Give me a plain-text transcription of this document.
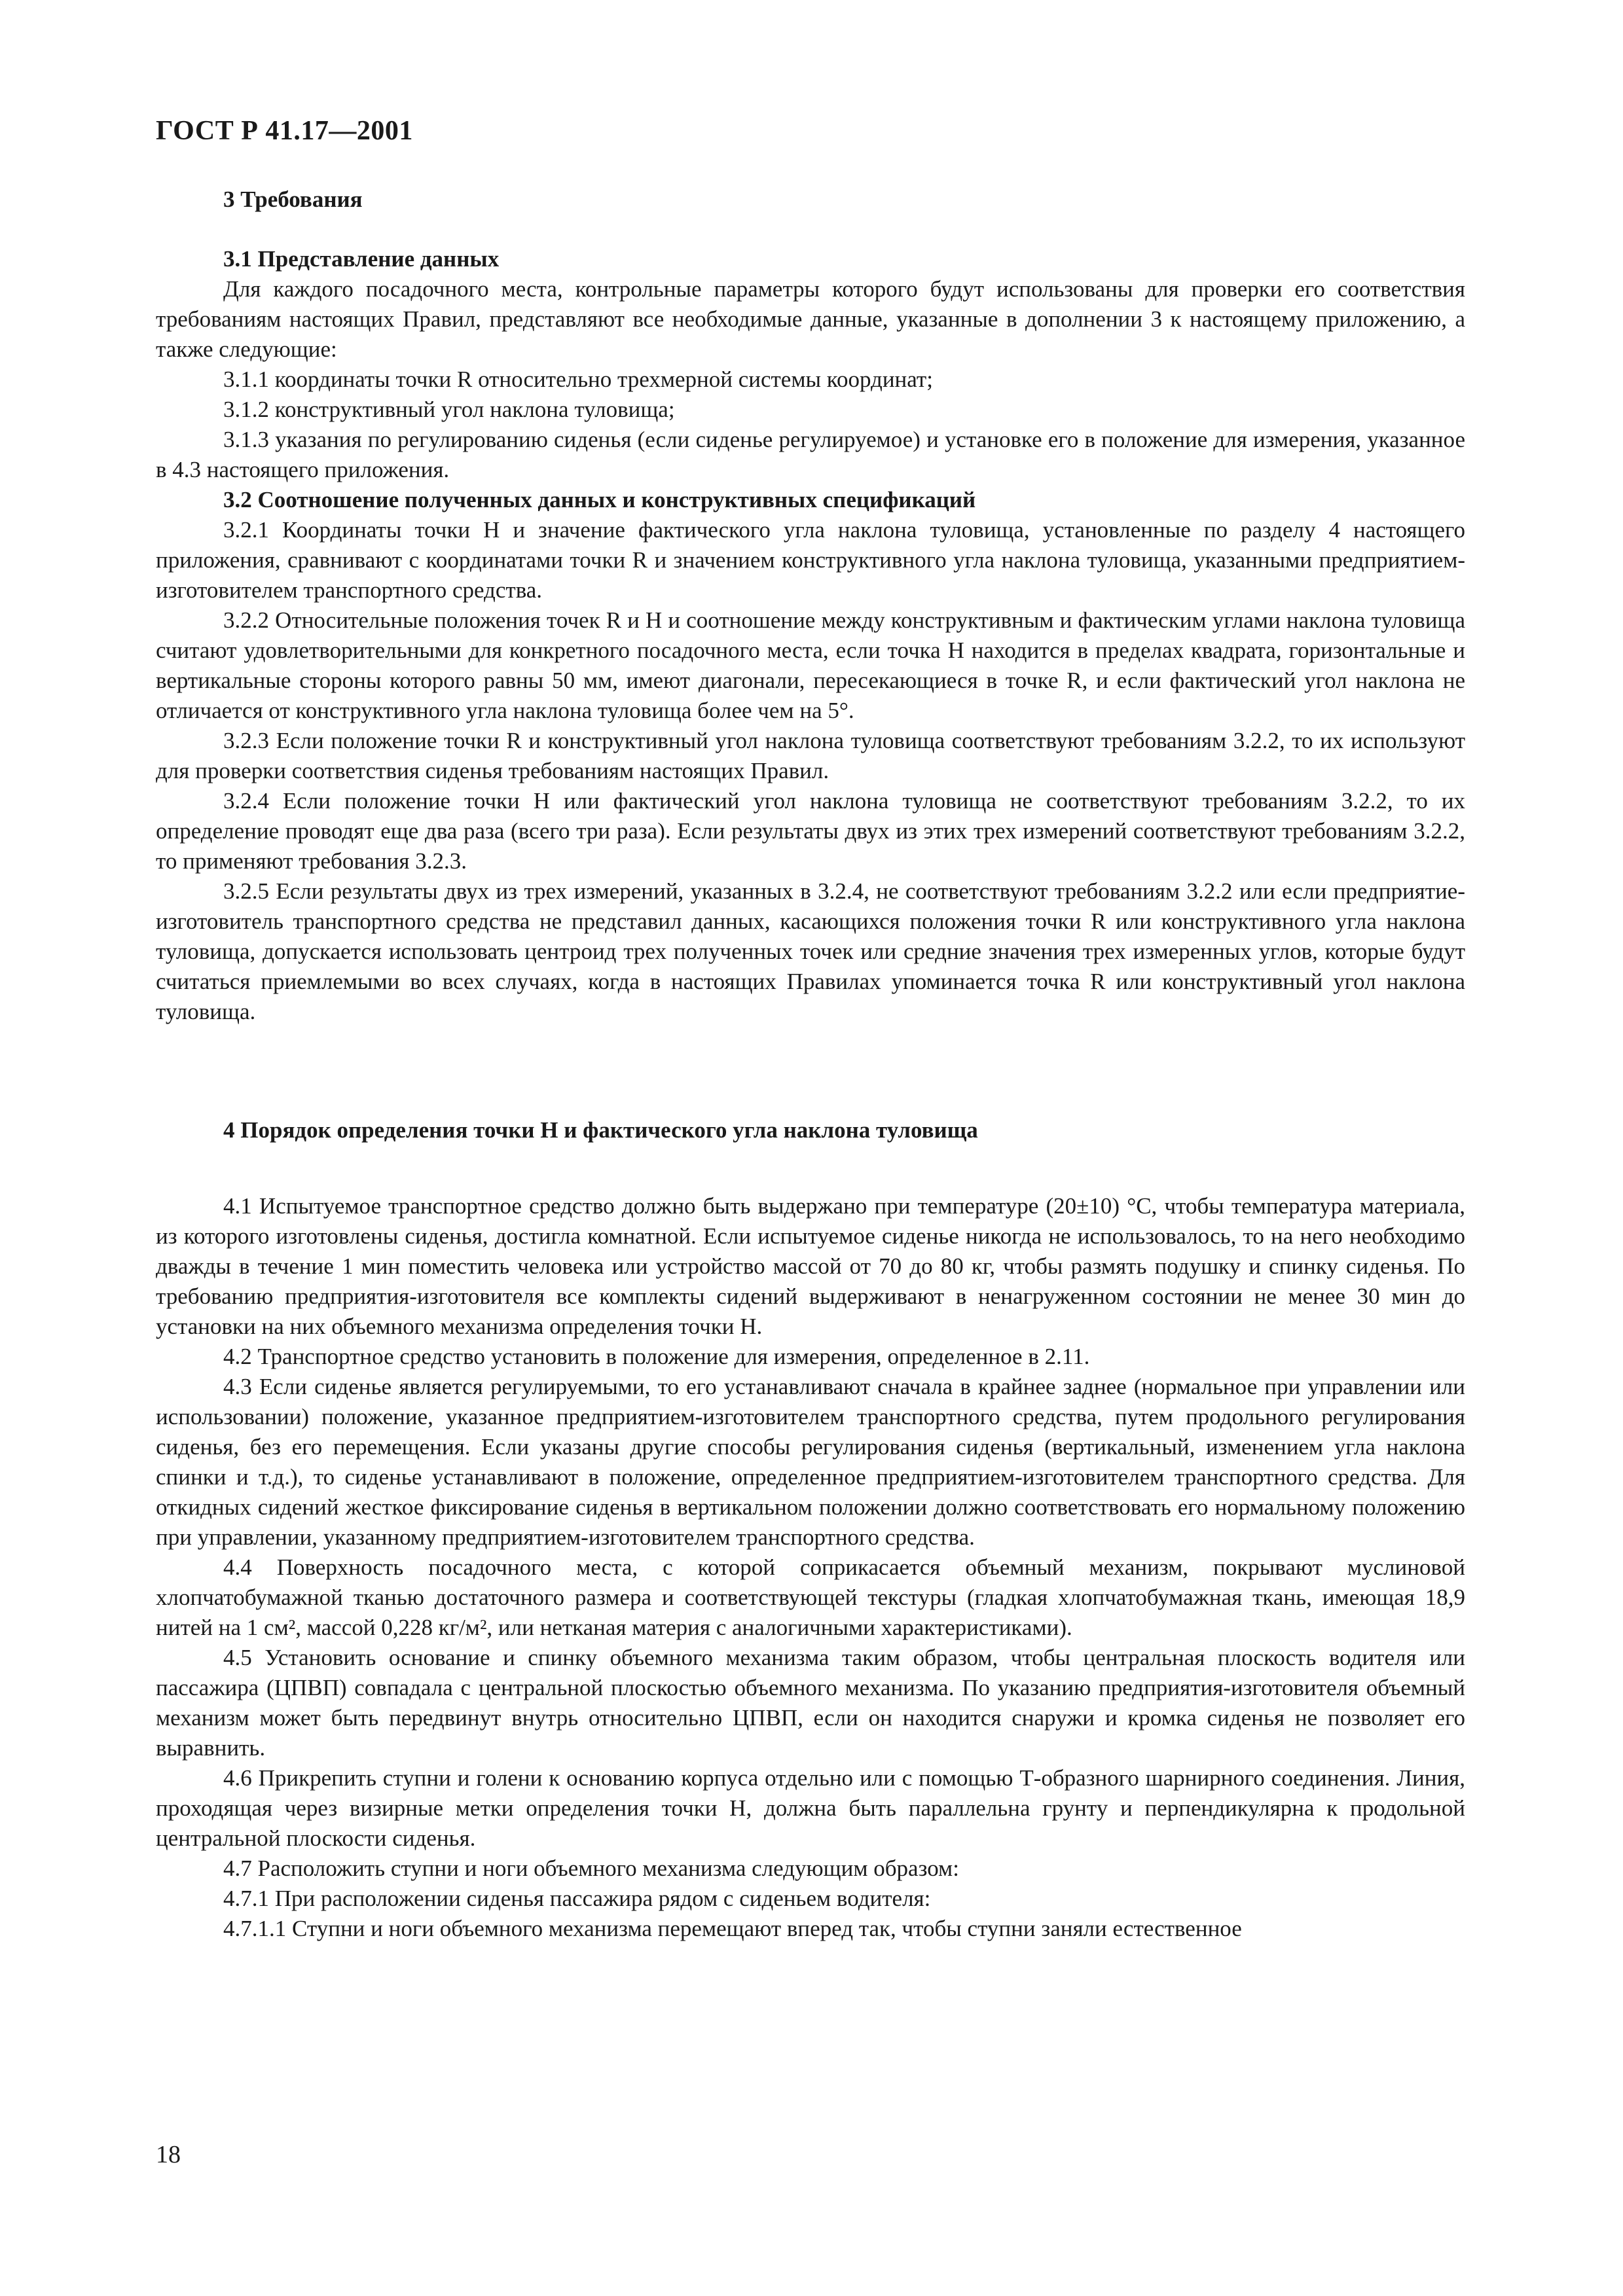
ГОСТ Р 41.17—2001

3 Требования

3.1 Представление данных

Для каждого посадочного места, контрольные параметры которого будут использованы для проверки его соответствия требованиям настоящих Правил, представляют все необходимые данные, указанные в дополнении 3 к настоящему приложению, а также следующие:

3.1.1 координаты точки R относительно трехмерной системы координат;

3.1.2 конструктивный угол наклона туловища;

3.1.3 указания по регулированию сиденья (если сиденье регулируемое) и установке его в положение для измерения, указанное в 4.3 настоящего приложения.

3.2 Соотношение полученных данных и конструктивных спецификаций

3.2.1 Координаты точки H и значение фактического угла наклона туловища, установленные по разделу 4 настоящего приложения, сравнивают с координатами точки R и значением конструктивного угла наклона туловища, указанными предприятием-изготовителем транспортного средства.

3.2.2 Относительные положения точек R и H и соотношение между конструктивным и фактическим углами наклона туловища считают удовлетворительными для конкретного посадочного места, если точка H находится в пределах квадрата, горизонтальные и вертикальные стороны которого равны 50 мм, имеют диагонали, пересекающиеся в точке R, и если фактический угол наклона не отличается от конструктивного угла наклона туловища более чем на 5°.

3.2.3 Если положение точки R и конструктивный угол наклона туловища соответствуют требованиям 3.2.2, то их используют для проверки соответствия сиденья требованиям настоящих Правил.

3.2.4 Если положение точки H или фактический угол наклона туловища не соответствуют требованиям 3.2.2, то их определение проводят еще два раза (всего три раза). Если результаты двух из этих трех измерений соответствуют требованиям 3.2.2, то применяют требования 3.2.3.

3.2.5 Если результаты двух из трех измерений, указанных в 3.2.4, не соответствуют требованиям 3.2.2 или если предприятие-изготовитель транспортного средства не представил данных, касающихся положения точки R или конструктивного угла наклона туловища, допускается использовать центроид трех полученных точек или средние значения трех измеренных углов, которые будут считаться приемлемыми во всех случаях, когда в настоящих Правилах упоминается точка R или конструктивный угол наклона туловища.

4 Порядок определения точки H и фактического угла наклона туловища

4.1 Испытуемое транспортное средство должно быть выдержано при температуре (20±10) °С, чтобы температура материала, из которого изготовлены сиденья, достигла комнатной. Если испытуемое сиденье никогда не использовалось, то на него необходимо дважды в течение 1 мин поместить человека или устройство массой от 70 до 80 кг, чтобы размять подушку и спинку сиденья. По требованию предприятия-изготовителя все комплекты сидений выдерживают в ненагруженном состоянии не менее 30 мин до установки на них объемного механизма определения точки H.

4.2 Транспортное средство установить в положение для измерения, определенное в 2.11.

4.3 Если сиденье является регулируемыми, то его устанавливают сначала в крайнее заднее (нормальное при управлении или использовании) положение, указанное предприятием-изготовителем транспортного средства, путем продольного регулирования сиденья, без его перемещения. Если указаны другие способы регулирования сиденья (вертикальный, изменением угла наклона спинки и т.д.), то сиденье устанавливают в положение, определенное предприятием-изготовителем транспортного средства. Для откидных сидений жесткое фиксирование сиденья в вертикальном положении должно соответствовать его нормальному положению при управлении, указанному предприятием-изготовителем транспортного средства.

4.4 Поверхность посадочного места, с которой соприкасается объемный механизм, покрывают муслиновой хлопчатобумажной тканью достаточного размера и соответствующей текстуры (гладкая хлопчатобумажная ткань, имеющая 18,9 нитей на 1 см², массой 0,228 кг/м², или нетканая материя с аналогичными характеристиками).

4.5 Установить основание и спинку объемного механизма таким образом, чтобы центральная плоскость водителя или пассажира (ЦПВП) совпадала с центральной плоскостью объемного механизма. По указанию предприятия-изготовителя объемный механизм может быть передвинут внутрь относительно ЦПВП, если он находится снаружи и кромка сиденья не позволяет его выравнить.

4.6 Прикрепить ступни и голени к основанию корпуса отдельно или с помощью Т-образного шарнирного соединения. Линия, проходящая через визирные метки определения точки H, должна быть параллельна грунту и перпендикулярна к продольной центральной плоскости сиденья.

4.7 Расположить ступни и ноги объемного механизма следующим образом:

4.7.1 При расположении сиденья пассажира рядом с сиденьем водителя:

4.7.1.1 Ступни и ноги объемного механизма перемещают вперед так, чтобы ступни заняли естественное

18
